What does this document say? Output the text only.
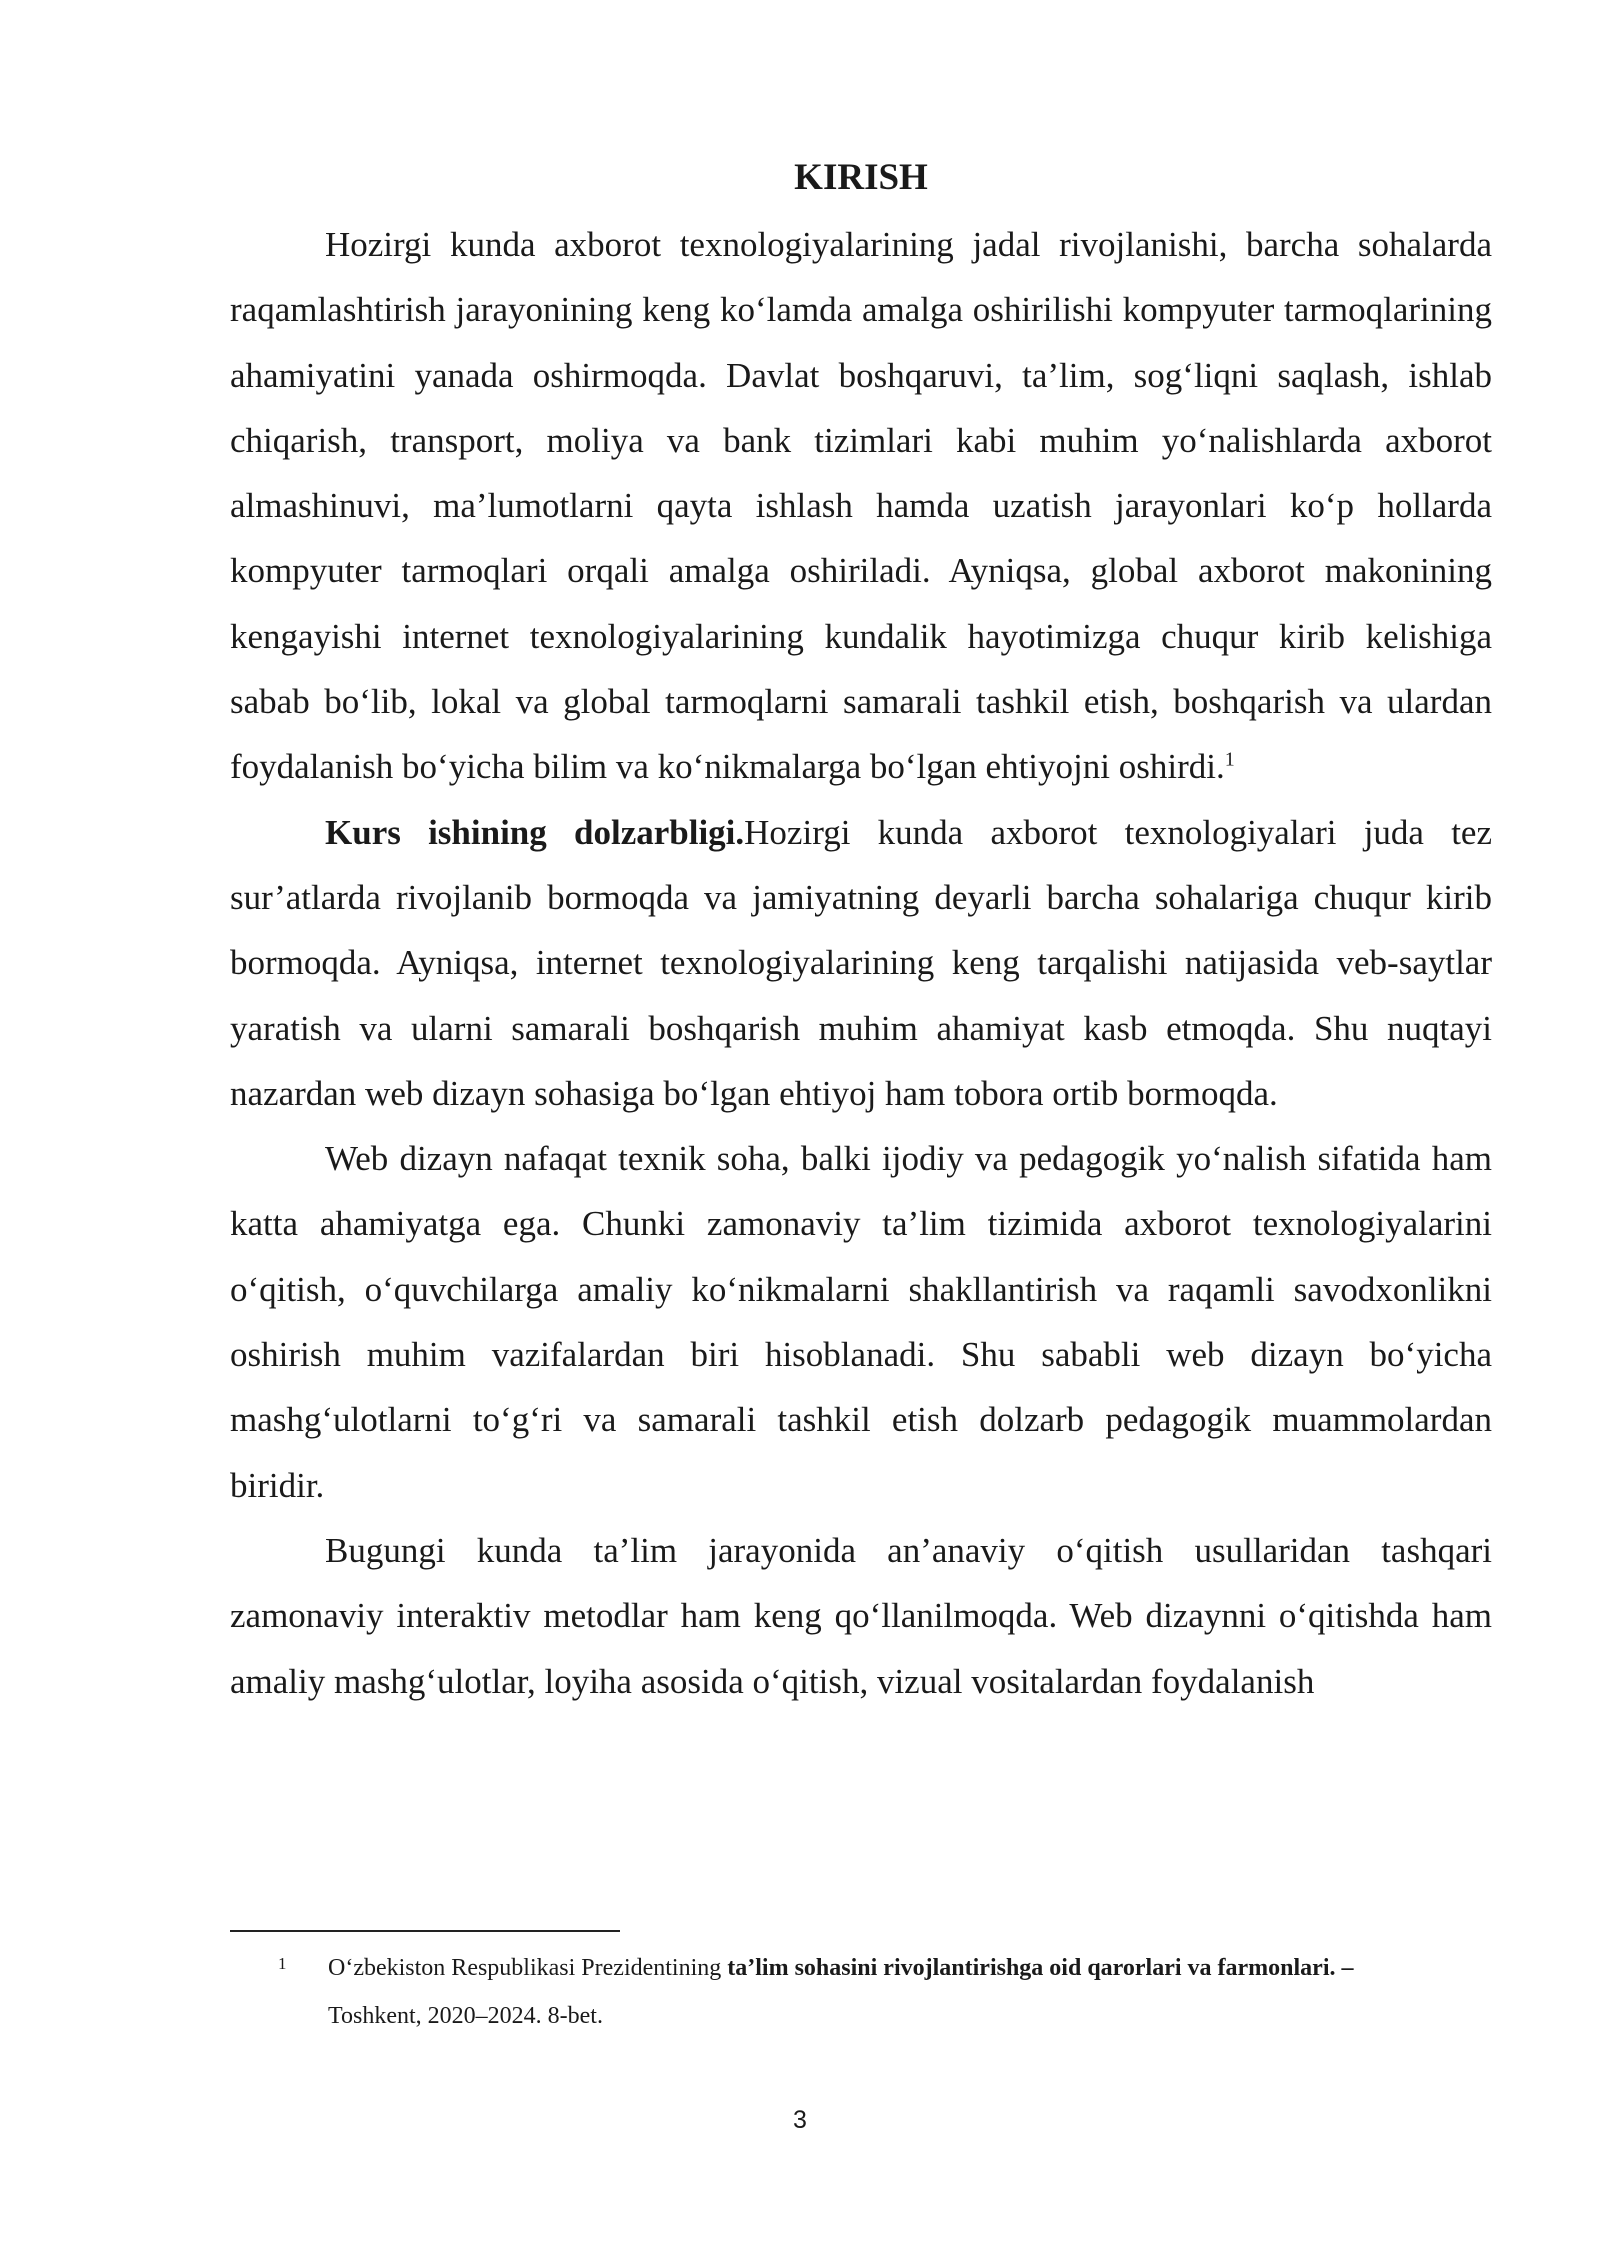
KIRISH

Hozirgi kunda axborot texnologiyalarining jadal rivojlanishi, barcha sohalarda raqamlashtirish jarayonining keng ko‘lamda amalga oshirilishi kompyuter tarmoqlarining ahamiyatini yanada oshirmoqda. Davlat boshqaruvi, ta’lim, sog‘liqni saqlash, ishlab chiqarish, transport, moliya va bank tizimlari kabi muhim yo‘nalishlarda axborot almashinuvi, ma’lumotlarni qayta ishlash hamda uzatish jarayonlari ko‘p hollarda kompyuter tarmoqlari orqali amalga oshiriladi. Ayniqsa, global axborot makonining kengayishi internet texnologiyalarining kundalik hayotimizga chuqur kirib kelishiga sabab bo‘lib, lokal va global tarmoqlarni samarali tashkil etish, boshqarish va ulardan foydalanish bo‘yicha bilim va ko‘nikmalarga bo‘lgan ehtiyojni oshirdi.$^1$

Kurs ishining dolzarbligi.Hozirgi kunda axborot texnologiyalari juda tez sur’atlarda rivojlanib bormoqda va jamiyatning deyarli barcha sohalariga chuqur kirib bormoqda. Ayniqsa, internet texnologiyalarining keng tarqalishi natijasida veb-saytlar yaratish va ularni samarali boshqarish muhim ahamiyat kasb etmoqda. Shu nuqtayi nazardan web dizayn sohasiga bo‘lgan ehtiyoj ham tobora ortib bormoqda.

Web dizayn nafaqat texnik soha, balki ijodiy va pedagogik yo‘nalish sifatida ham katta ahamiyatga ega. Chunki zamonaviy ta’lim tizimida axborot texnologiyalarini o‘qitish, o‘quvchilarga amaliy ko‘nikmalarni shakllantirish va raqamli savodxonlikni oshirish muhim vazifalardan biri hisoblanadi. Shu sababli web dizayn bo‘yicha mashg‘ulotlarni to‘g‘ri va samarali tashkil etish dolzarb pedagogik muammolardan biridir.

Bugungi kunda ta’lim jarayonida an’anaviy o‘qitish usullaridan tashqari zamonaviy interaktiv metodlar ham keng qo‘llanilmoqda. Web dizaynni o‘qitishda ham amaliy mashg‘ulotlar, loyiha asosida o‘qitish, vizual vositalardan foydalanish

1	O‘zbekiston Respublikasi Prezidentining ta’lim sohasini rivojlantirishga oid qarorlari va farmonlari. –
Toshkent, 2020–2024. 8-bet.
3
